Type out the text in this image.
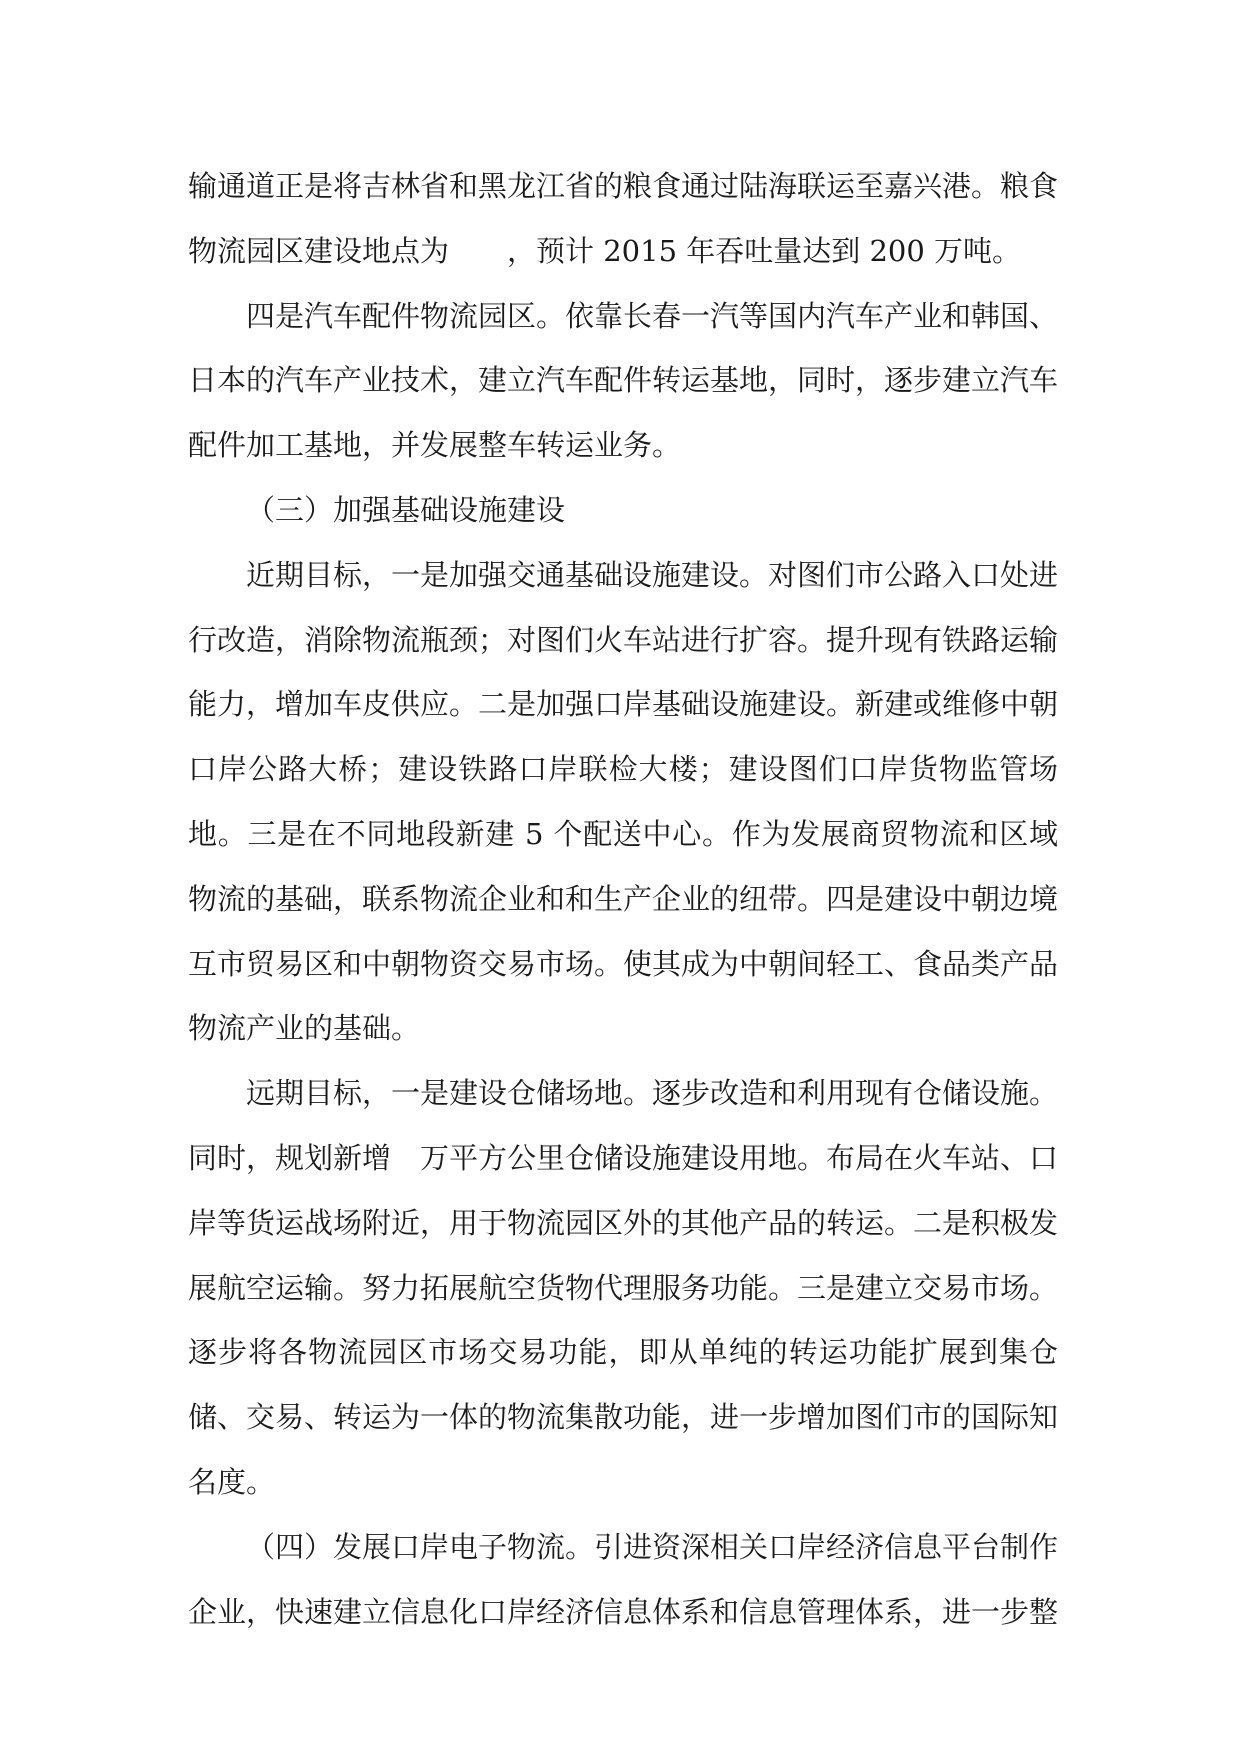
输通道正是将吉林省和黑龙江省的粮食通过陆海联运至嘉兴港。粮食物流园区建设地点为　　，预计 2015 年吞吐量达到 200 万吨。

四是汽车配件物流园区。依靠长春一汽等国内汽车产业和韩国、日本的汽车产业技术，建立汽车配件转运基地，同时，逐步建立汽车配件加工基地，并发展整车转运业务。

（三）加强基础设施建设

近期目标，一是加强交通基础设施建设。对图们市公路入口处进行改造，消除物流瓶颈；对图们火车站进行扩容。提升现有铁路运输能力，增加车皮供应。二是加强口岸基础设施建设。新建或维修中朝口岸公路大桥；建设铁路口岸联检大楼；建设图们口岸货物监管场地。三是在不同地段新建 5 个配送中心。作为发展商贸物流和区域物流的基础，联系物流企业和和生产企业的纽带。四是建设中朝边境互市贸易区和中朝物资交易市场。使其成为中朝间轻工、食品类产品物流产业的基础。

远期目标，一是建设仓储场地。逐步改造和利用现有仓储设施。同时，规划新增　万平方公里仓储设施建设用地。布局在火车站、口岸等货运战场附近，用于物流园区外的其他产品的转运。二是积极发展航空运输。努力拓展航空货物代理服务功能。三是建立交易市场。逐步将各物流园区市场交易功能，即从单纯的转运功能扩展到集仓储、交易、转运为一体的物流集散功能，进一步增加图们市的国际知名度。

（四）发展口岸电子物流。引进资深相关口岸经济信息平台制作企业，快速建立信息化口岸经济信息体系和信息管理体系，进一步整
